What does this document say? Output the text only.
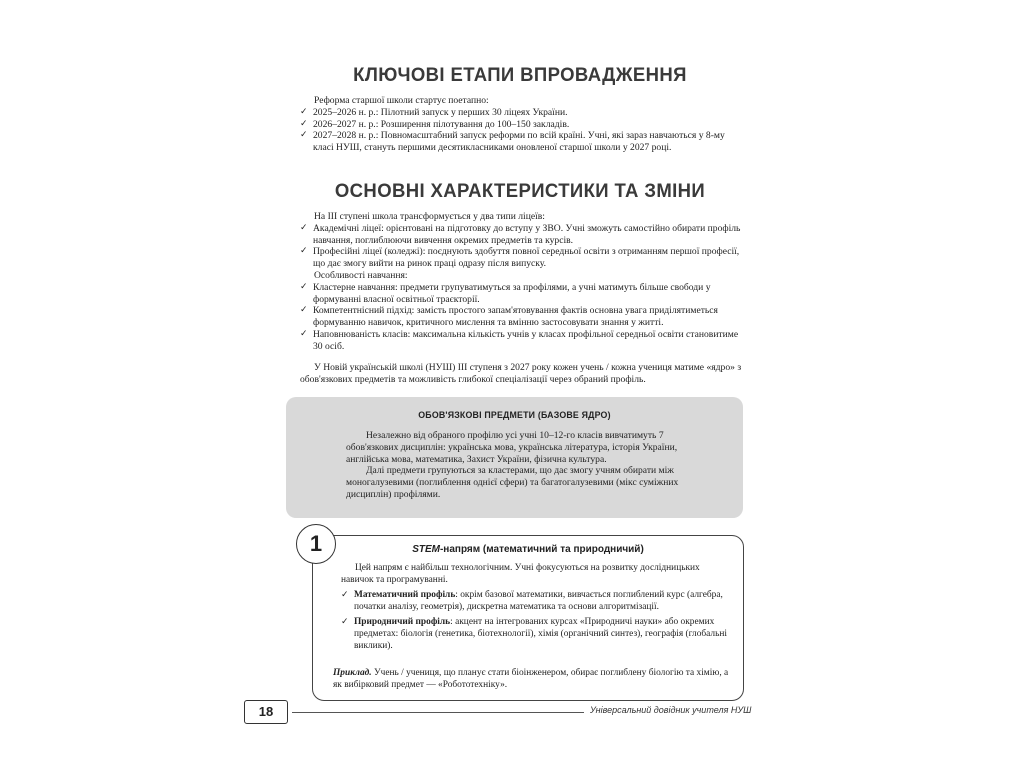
КЛЮЧОВІ ЕТАПИ ВПРОВАДЖЕННЯ
Реформа старшої школи стартує поетапно:
✓ 2025–2026 н. р.: Пілотний запуск у перших 30 ліцеях України.
✓ 2026–2027 н. р.: Розширення пілотування до 100–150 закладів.
✓ 2027–2028 н. р.: Повномасштабний запуск реформи по всій країні. Учні, які зараз навчаються у 8-му класі НУШ, стануть першими десятикласниками оновленої старшої школи у 2027 році.
ОСНОВНІ ХАРАКТЕРИСТИКИ ТА ЗМІНИ
На ІІІ ступені школа трансформується у два типи ліцеїв:
✓ Академічні ліцеї: орієнтовані на підготовку до вступу у ЗВО. Учні зможуть самостійно обирати профіль навчання, поглиблюючи вивчення окремих предметів та курсів.
✓ Професійні ліцеї (коледжі): поєднують здобуття повної середньої освіти з отриманням першої професії, що дає змогу вийти на ринок праці одразу після випуску.
Особливості навчання:
✓ Кластерне навчання: предмети групуватимуться за профілями, а учні матимуть більше свободи у формуванні власної освітньої траєкторії.
✓ Компетентнісний підхід: замість простого запам'ятовування фактів основна увага приділятиметься формуванню навичок, критичного мислення та вмінню застосовувати знання у житті.
✓ Наповнюваність класів: максимальна кількість учнів у класах профільної середньої освіти становитиме 30 осіб.
У Новій українській школі (НУШ) ІІІ ступеня з 2027 року кожен учень / кожна учениця матиме «ядро» з обов'язкових предметів та можливість глибокої спеціалізації через обраний профіль.
ОБОВ'ЯЗКОВІ ПРЕДМЕТИ (БАЗОВЕ ЯДРО)
Незалежно від обраного профілю усі учні 10–12-го класів вивчатимуть 7 обов'язкових дисциплін: українська мова, українська література, історія України, англійська мова, математика, Захист України, фізична культура.
Далі предмети групуються за кластерами, що дає змогу учням обирати між моногалузевими (поглиблення однієї сфери) та багатогалузевими (мікс суміжних дисциплін) профілями.
STEM-напрям (математичний та природничий)
Цей напрям є найбільш технологічним. Учні фокусуються на розвитку дослідницьких навичок та програмуванні.
✓ Математичний профіль: окрім базової математики, вивчається поглиблений курс (алгебра, початки аналізу, геометрія), дискретна математика та основи алгоритмізації.
✓ Природничий профіль: акцент на інтегрованих курсах «Природничі науки» або окремих предметах: біологія (генетика, біотехнології), хімія (органічний синтез), географія (глобальні виклики).
Приклад. Учень / учениця, що планує стати біоінженером, обирає поглиблену біологію та хімію, а як вибірковий предмет — «Робототехніку».
1
18	Універсальний довідник учителя НУШ
